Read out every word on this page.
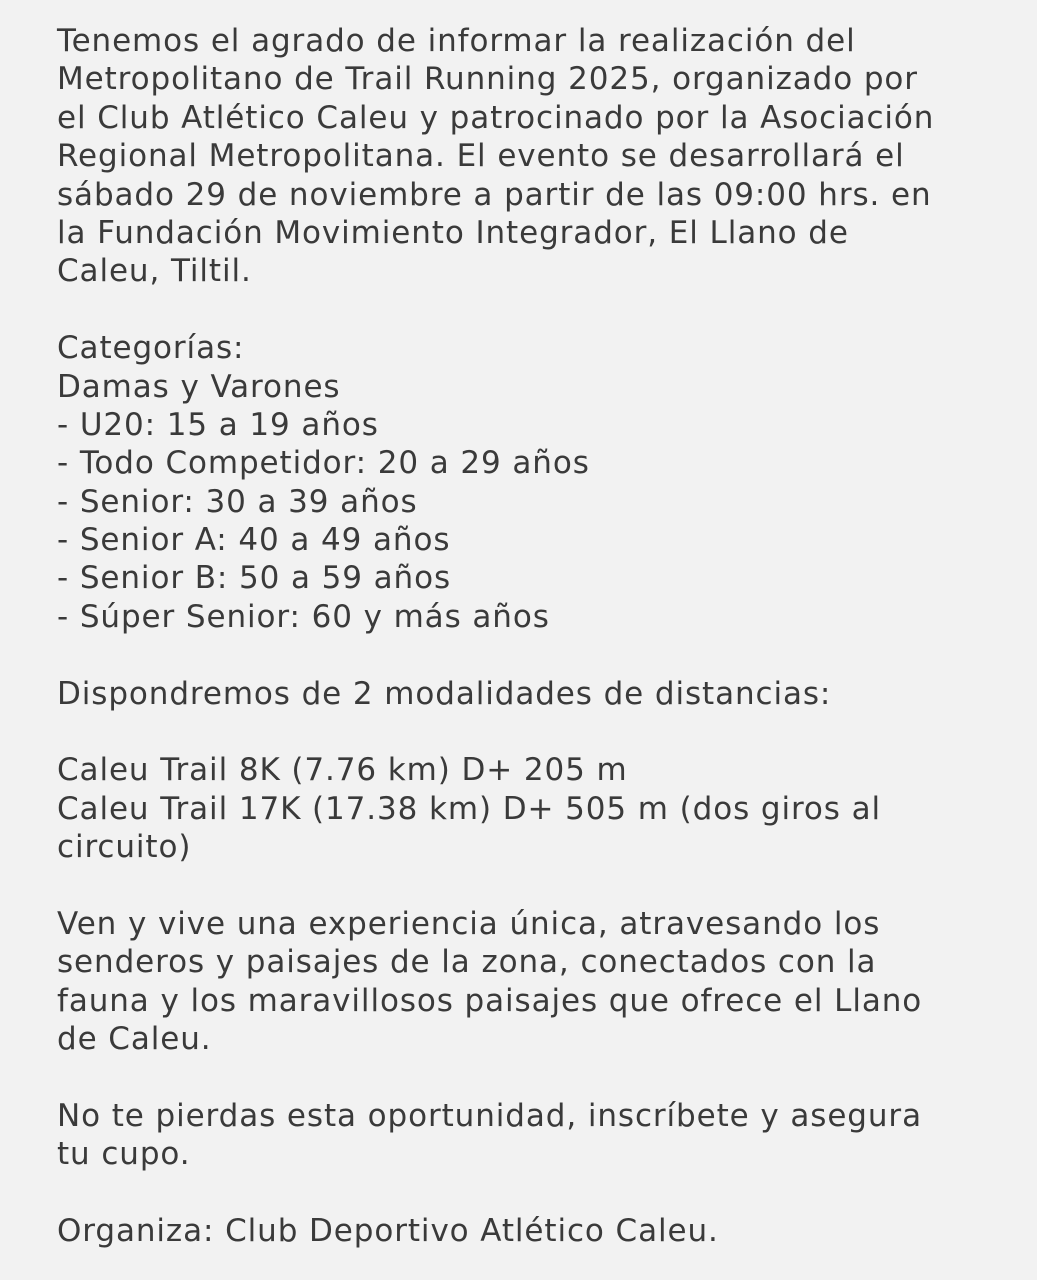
Tenemos el agrado de informar la realización del
Metropolitano de Trail Running 2025, organizado por
el Club Atlético Caleu y patrocinado por la Asociación
Regional Metropolitana. El evento se desarrollará el
sábado 29 de noviembre a partir de las 09:00 hrs. en
la Fundación Movimiento Integrador, El Llano de
Caleu, Tiltil.
Categorías:
Damas y Varones
- U20: 15 a 19 años
- Todo Competidor: 20 a 29 años
- Senior: 30 a 39 años
- Senior A: 40 a 49 años
- Senior B: 50 a 59 años
- Súper Senior: 60 y más años
Dispondremos de 2 modalidades de distancias:
Caleu Trail 8K (7.76 km) D+ 205 m
Caleu Trail 17K (17.38 km) D+ 505 m (dos giros al
circuito)
Ven y vive una experiencia única, atravesando los
senderos y paisajes de la zona, conectados con la
fauna y los maravillosos paisajes que ofrece el Llano
de Caleu.
No te pierdas esta oportunidad, inscríbete y asegura
tu cupo.
Organiza: Club Deportivo Atlético Caleu.
